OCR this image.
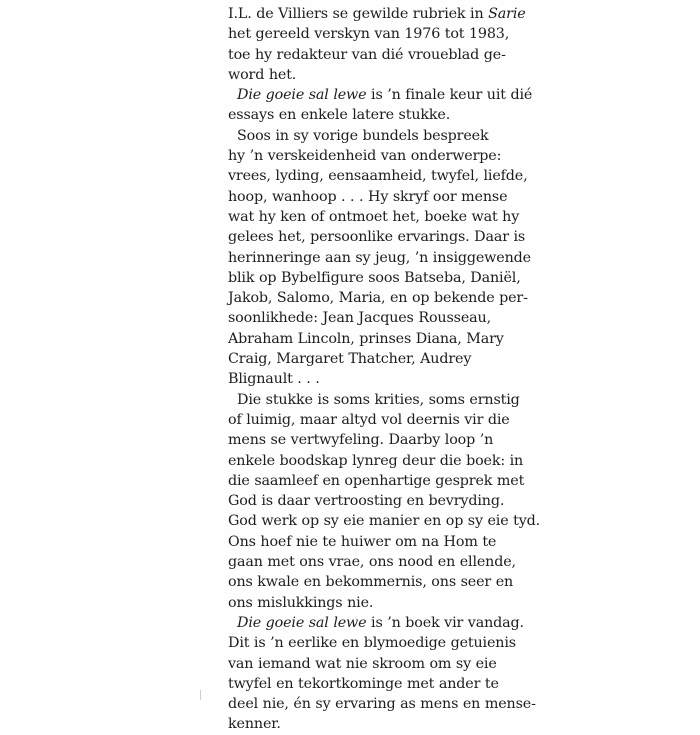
I.L. de Villiers se gewilde rubriek in Sarie
het gereeld verskyn van 1976 tot 1983,
toe hy redakteur van dié vroueblad ge-
word het.
Die goeie sal lewe is ’n finale keur uit dié
essays en enkele latere stukke.
Soos in sy vorige bundels bespreek
hy ’n verskeidenheid van onderwerpe:
vrees, lyding, eensaamheid, twyfel, liefde,
hoop, wanhoop . . . Hy skryf oor mense
wat hy ken of ontmoet het, boeke wat hy
gelees het, persoonlike ervarings. Daar is
herinneringe aan sy jeug, ’n insiggewende
blik op Bybelfigure soos Batseba, Daniël,
Jakob, Salomo, Maria, en op bekende per-
soonlikhede: Jean Jacques Rousseau,
Abraham Lincoln, prinses Diana, Mary
Craig, Margaret Thatcher, Audrey
Blignault . . .
Die stukke is soms krities, soms ernstig
of luimig, maar altyd vol deernis vir die
mens se vertwyfeling. Daarby loop ’n
enkele boodskap lynreg deur die boek: in
die saamleef en openhartige gesprek met
God is daar vertroosting en bevryding.
God werk op sy eie manier en op sy eie tyd.
Ons hoef nie te huiwer om na Hom te
gaan met ons vrae, ons nood en ellende,
ons kwale en bekommernis, ons seer en
ons mislukkings nie.
Die goeie sal lewe is ’n boek vir vandag.
Dit is ’n eerlike en blymoedige getuienis
van iemand wat nie skroom om sy eie
twyfel en tekortkominge met ander te
deel nie, én sy ervaring as mens en mense-
kenner.
